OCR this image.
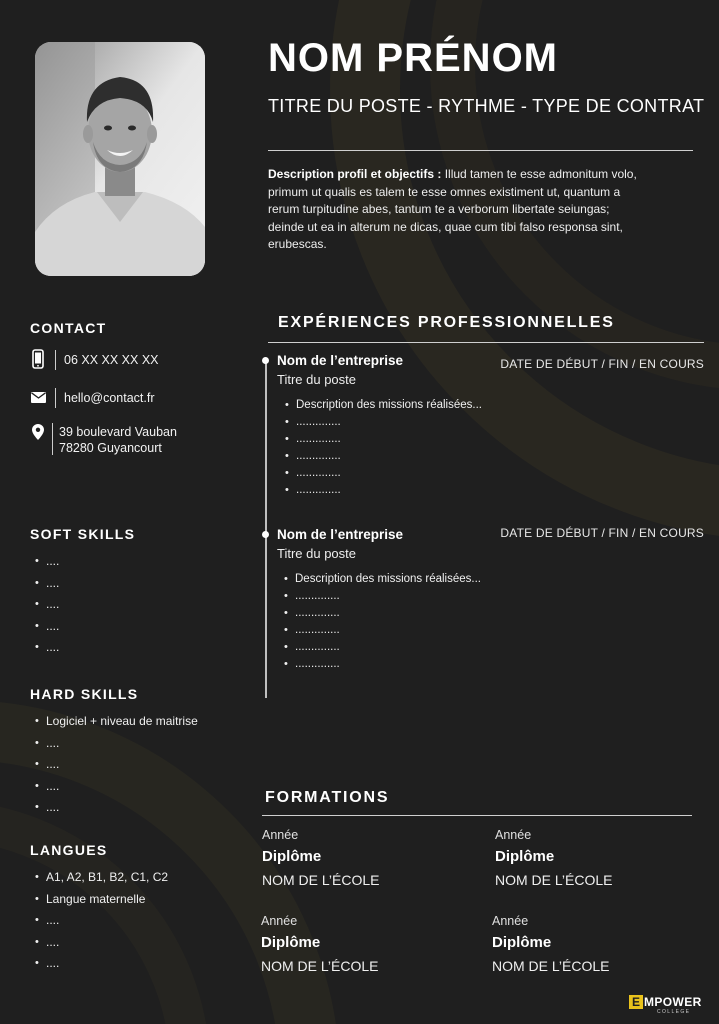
NOM PRÉNOM
TITRE DU POSTE - RYTHME - TYPE DE CONTRAT
Description profil et objectifs : Illud tamen te esse admonitum volo, primum ut qualis es talem te esse omnes existiment ut, quantum a rerum turpitudine abes, tantum te a verborum libertate seiungas; deinde ut ea in alterum ne dicas, quae cum tibi falso responsa sint, erubescas.
CONTACT
06 XX XX XX XX
hello@contact.fr
39 boulevard Vauban
78280 Guyancourt
SOFT SKILLS
• ....
• ....
• ....
• ....
• ....
HARD SKILLS
• Logiciel + niveau de maitrise
• ....
• ....
• ....
• ....
LANGUES
• A1, A2, B1, B2, C1, C2
• Langue maternelle
• ....
• ....
• ....
EXPÉRIENCES PROFESSIONNELLES
Nom de l’entreprise	DATE DE DÉBUT / FIN / EN COURS
Titre du poste
• Description des missions réalisées...
• ..............
• ..............
• ..............
• ..............
• ..............
Nom de l’entreprise	DATE DE DÉBUT / FIN / EN COURS
Titre du poste
• Description des missions réalisées...
• ..............
• ..............
• ..............
• ..............
• ..............
FORMATIONS
Année
Diplôme
NOM DE L’ÉCOLE
Année
Diplôme
NOM DE L’ÉCOLE
Année
Diplôme
NOM DE L’ÉCOLE
Année
Diplôme
NOM DE L’ÉCOLE
E MPOWER
COLLEGE
